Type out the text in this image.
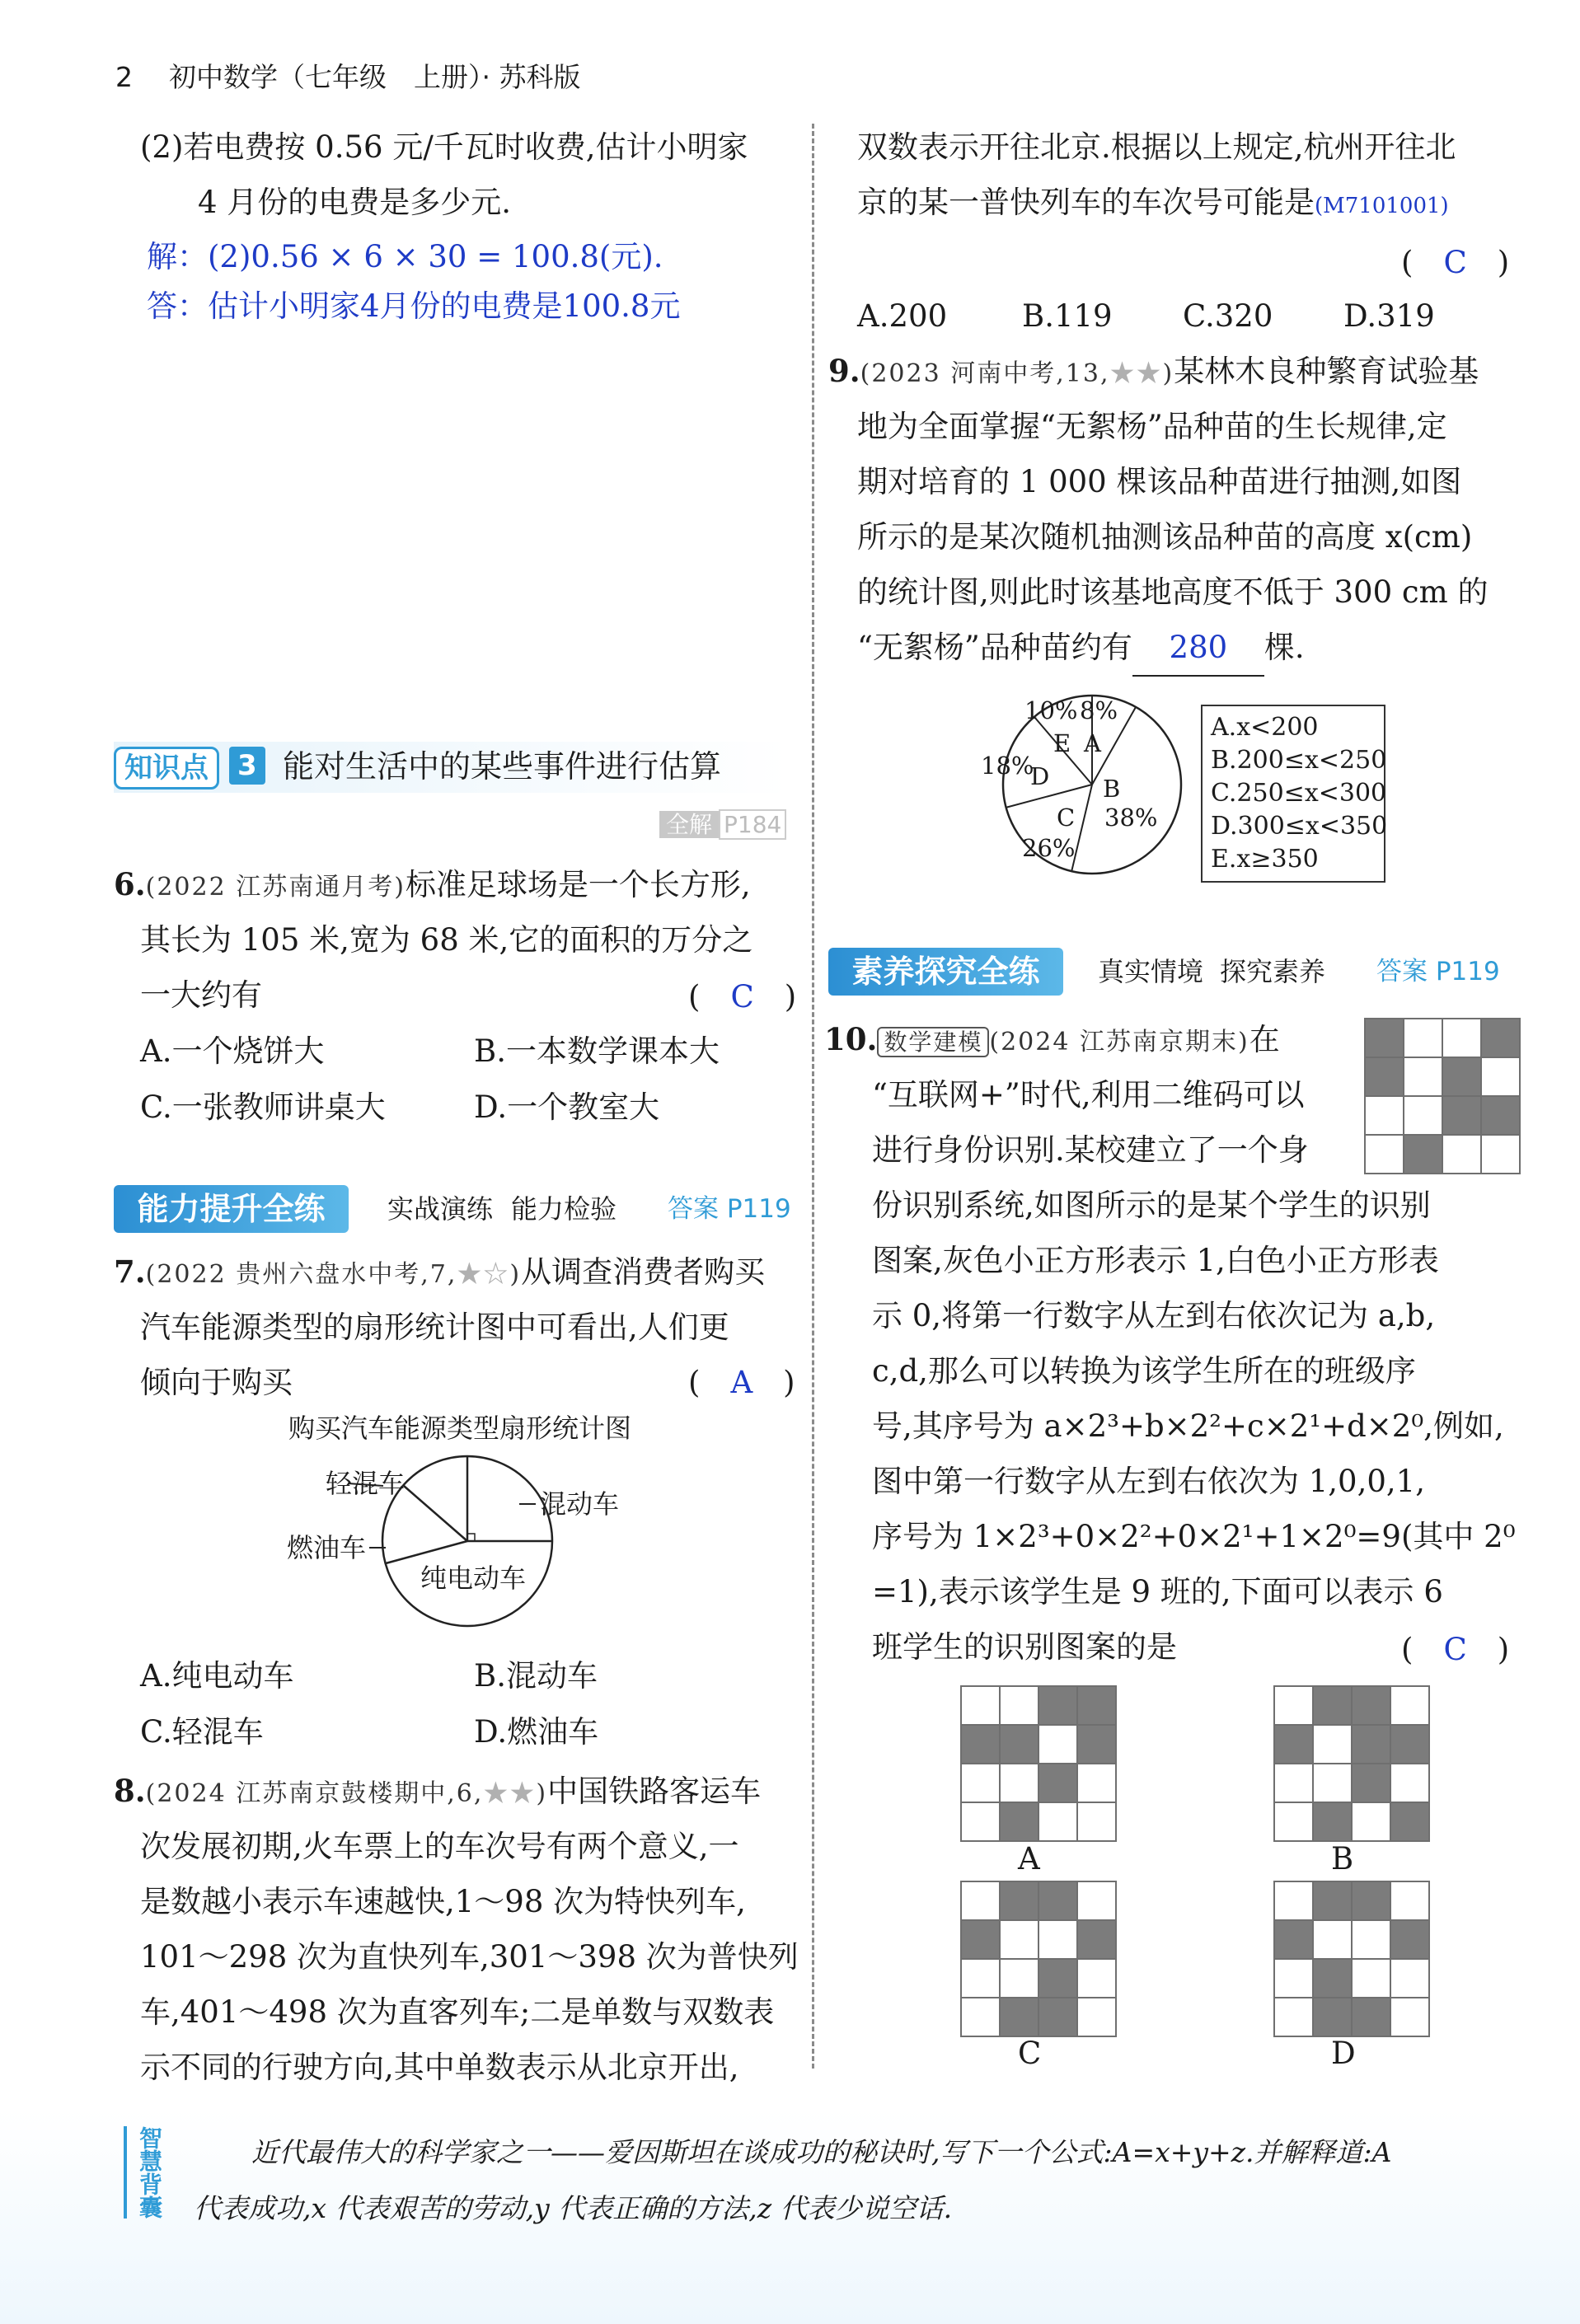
2 初中数学（七年级　上册）· 苏科版
(2)若电费按 0.56 元/千瓦时收费,估计小明家
4 月份的电费是多少元.
解：(2)0.56 × 6 × 30 = 100.8(元).
答：估计小明家4月份的电费是100.8元
知识点	3 能对生活中的某些事件进行估算
全解 P184
6.(2022 江苏南通月考)标准足球场是一个长方形,
其长为 105 米,宽为 68 米,它的面积的万分之
一大约有	(　C　)
A.一个烧饼大	B.一本数学课本大
C.一张教师讲桌大	D.一个教室大
能力提升全练	实战演练 能力检验 答案 P119
7.(2022 贵州六盘水中考,7,★☆)从调查消费者购买
汽车能源类型的扇形统计图中可看出,人们更
倾向于购买	(　A　)
购买汽车能源类型扇形统计图
轻混车
混动车
燃油车
纯电动车
A.纯电动车	B.混动车
C.轻混车	D.燃油车
8.(2024 江苏南京鼓楼期中,6,★★)中国铁路客运车
次发展初期,火车票上的车次号有两个意义,一
是数越小表示车速越快,1～98 次为特快列车,
101～298 次为直快列车,301～398 次为普快列
车,401～498 次为直客列车;二是单数与双数表
示不同的行驶方向,其中单数表示从北京开出,
双数表示开往北京.根据以上规定,杭州开往北
京的某一普快列车的车次号可能是(M7101001)
(　C　)
A.200 B.119 C.320 D.319
9.(2023 河南中考,13,★★)某林木良种繁育试验基
地为全面掌握“无絮杨”品种苗的生长规律,定
期对培育的 1 000 棵该品种苗进行抽测,如图
所示的是某次随机抽测该品种苗的高度 x(cm)
的统计图,则此时该基地高度不低于 300 cm 的
“无絮杨”品种苗约有 280 棵.
10% 8%
E A
18%
D B
38%
C
26%
A.x<200
B.200≤x<250
C.250≤x<300
D.300≤x<350
E.x≥350
素养探究全练	真实情境 探究素养 答案 P119
10. 数学建模 (2024 江苏南京期末)在
“互联网+”时代,利用二维码可以
进行身份识别.某校建立了一个身
份识别系统,如图所示的是某个学生的识别
图案,灰色小正方形表示 1,白色小正方形表
示 0,将第一行数字从左到右依次记为 a,b,
c,d,那么可以转换为该学生所在的班级序
号,其序号为 a×2³+b×2²+c×2¹+d×2⁰,例如,
图中第一行数字从左到右依次为 1,0,0,1,
序号为 1×2³+0×2²+0×2¹+1×2⁰=9(其中 2⁰
=1),表示该学生是 9 班的,下面可以表示 6
班学生的识别图案的是	(　C　)

A	B
C	D
智慧背囊	近代最伟大的科学家之一——爱因斯坦在谈成功的秘诀时,写下一个公式:A=x+y+z.并解释道:A
代表成功,x 代表艰苦的劳动,y 代表正确的方法,z 代表少说空话.
